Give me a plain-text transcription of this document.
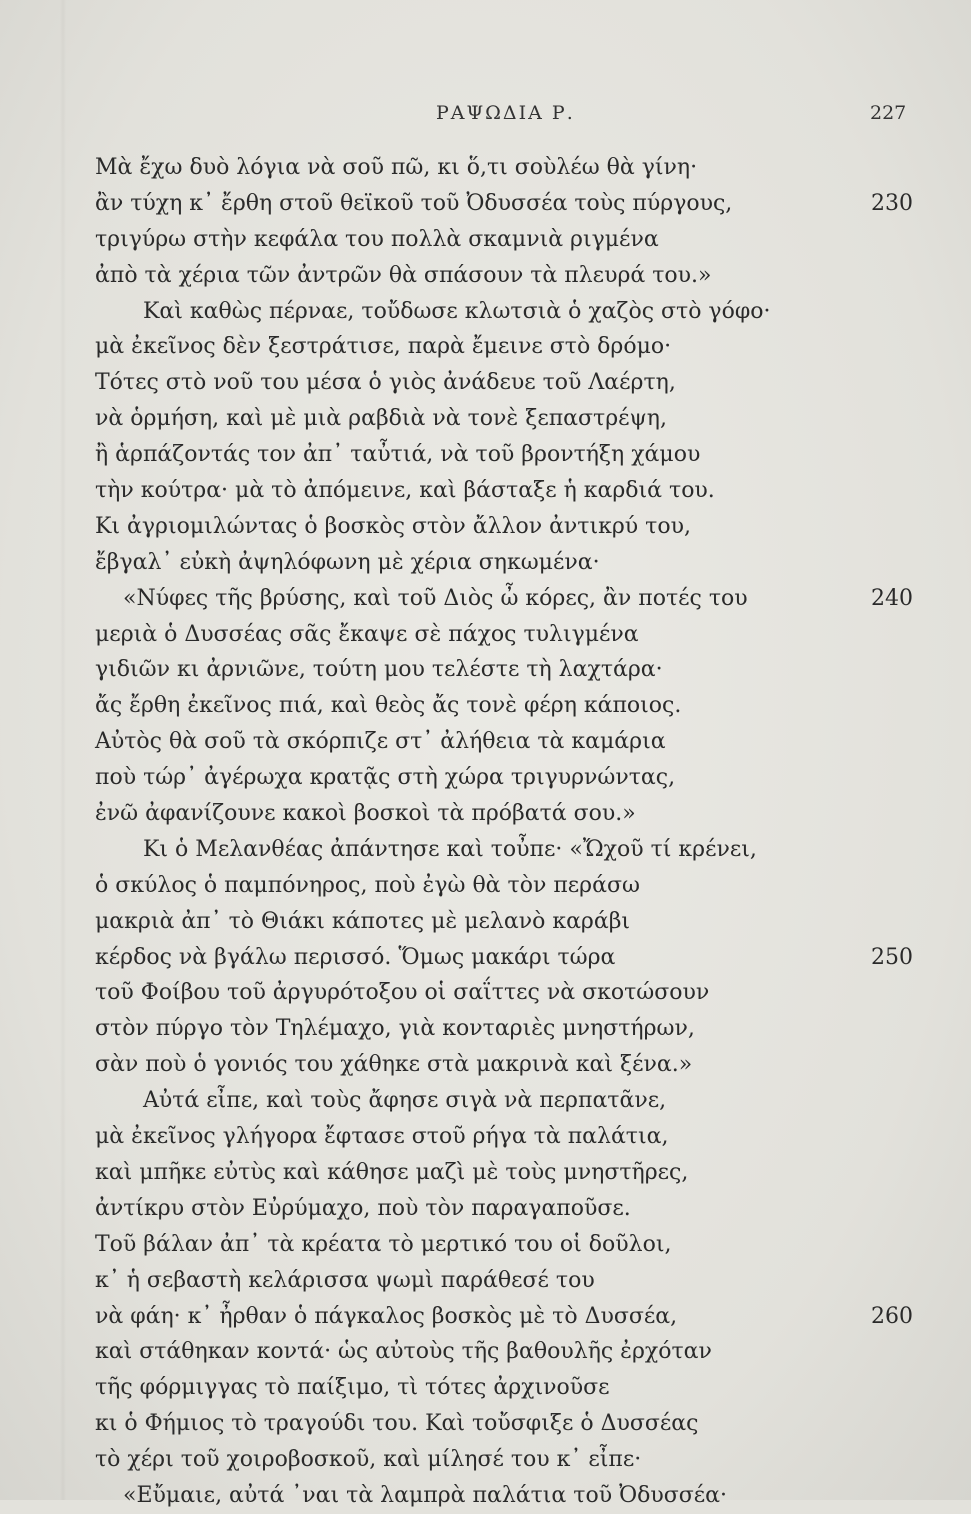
ΡΑΨΩΔΙΑ Ρ.	227
Μὰ ἔχω δυὸ λόγια νὰ σοῦ πῶ, κι ὅ,τι σοὺλέω θὰ γίνη·
ἂν τύχη κ᾽ ἔρθη στοῦ θεϊκοῦ τοῦ Ὀδυσσέα τοὺς πύργους,	230
τριγύρω στὴν κεφάλα του πολλὰ σκαμνιὰ ριγμένα
ἀπὸ τὰ χέρια τῶν ἀντρῶν θὰ σπάσουν τὰ πλευρά του.»
Καὶ καθὼς πέρναε, τοὔδωσε κλωτσιὰ ὁ χαζὸς στὸ γόφο·
μὰ ἐκεῖνος δὲν ξεστράτισε, παρὰ ἔμεινε στὸ δρόμο·
Τότες στὸ νοῦ του μέσα ὁ γιὸς ἀνάδευε τοῦ Λαέρτη,
νὰ ὁρμήση, καὶ μὲ μιὰ ραβδιὰ νὰ τονὲ ξεπαστρέψη,
ἢ ἁρπάζοντάς τον ἀπ᾽ ταὖτιά, νὰ τοῦ βροντήξη χάμου
τὴν κούτρα· μὰ τὸ ἀπόμεινε, καὶ βάσταξε ἡ καρδιά του.
Κι ἀγριομιλώντας ὁ βοσκὸς στὸν ἄλλον ἀντικρύ του,
ἔβγαλ᾽ εὐκὴ ἀψηλόφωνη μὲ χέρια σηκωμένα·
«Νύφες τῆς βρύσης, καὶ τοῦ Διὸς ὦ κόρες, ἂν ποτές του	240
μεριὰ ὁ Δυσσέας σᾶς ἔκαψε σὲ πάχος τυλιγμένα
γιδιῶν κι ἀρνιῶνε, τούτη μου τελέστε τὴ λαχτάρα·
ἄς ἔρθη ἐκεῖνος πιά, καὶ θεὸς ἄς τονὲ φέρη κάποιος.
Αὐτὸς θὰ σοῦ τὰ σκόρπιζε στ᾽ ἀλήθεια τὰ καμάρια
ποὺ τώρ᾽ ἀγέρωχα κρατᾷς στὴ χώρα τριγυρνώντας,
ἐνῶ ἀφανίζουνε κακοὶ βοσκοὶ τὰ πρόβατά σου.»
Κι ὁ Μελανθέας ἀπάντησε καὶ τοὖπε· «Ὤχοῦ τί κρένει,
ὁ σκύλος ὁ παμπόνηρος, ποὺ ἐγὼ θὰ τὸν περάσω
μακριὰ ἀπ᾽ τὸ Θιάκι κάποτες μὲ μελανὸ καράβι
κέρδος νὰ βγάλω περισσό. Ὅμως μακάρι τώρα	250
τοῦ Φοίβου τοῦ ἀργυρότοξου οἱ σαΐττες νὰ σκοτώσουν
στὸν πύργο τὸν Τηλέμαχο, γιὰ κονταριὲς μνηστήρων,
σὰν ποὺ ὁ γονιός του χάθηκε στὰ μακρινὰ καὶ ξένα.»
Αὐτά εἶπε, καὶ τοὺς ἄφησε σιγὰ νὰ περπατᾶνε,
μὰ ἐκεῖνος γλήγορα ἔφτασε στοῦ ρήγα τὰ παλάτια,
καὶ μπῆκε εὐτὺς καὶ κάθησε μαζὶ μὲ τοὺς μνηστῆρες,
ἀντίκρυ στὸν Εὐρύμαχο, ποὺ τὸν παραγαποῦσε.
Τοῦ βάλαν ἀπ᾽ τὰ κρέατα τὸ μερτικό του οἱ δοῦλοι,
κ᾽ ἡ σεβαστὴ κελάρισσα ψωμὶ παράθεσέ του
νὰ φάη· κ᾽ ἦρθαν ὁ πάγκαλος βοσκὸς μὲ τὸ Δυσσέα,	260
καὶ στάθηκαν κοντά· ὡς αὐτοὺς τῆς βαθουλῆς ἐρχόταν
τῆς φόρμιγγας τὸ παίξιμο, τὶ τότες ἀρχινοῦσε
κι ὁ Φήμιος τὸ τραγούδι του. Καὶ τοὔσφιξε ὁ Δυσσέας
τὸ χέρι τοῦ χοιροβοσκοῦ, καὶ μίλησέ του κ᾽ εἶπε·
«Εὔμαιε, αὐτά ᾽ναι τὰ λαμπρὰ παλάτια τοῦ Ὀδυσσέα·
